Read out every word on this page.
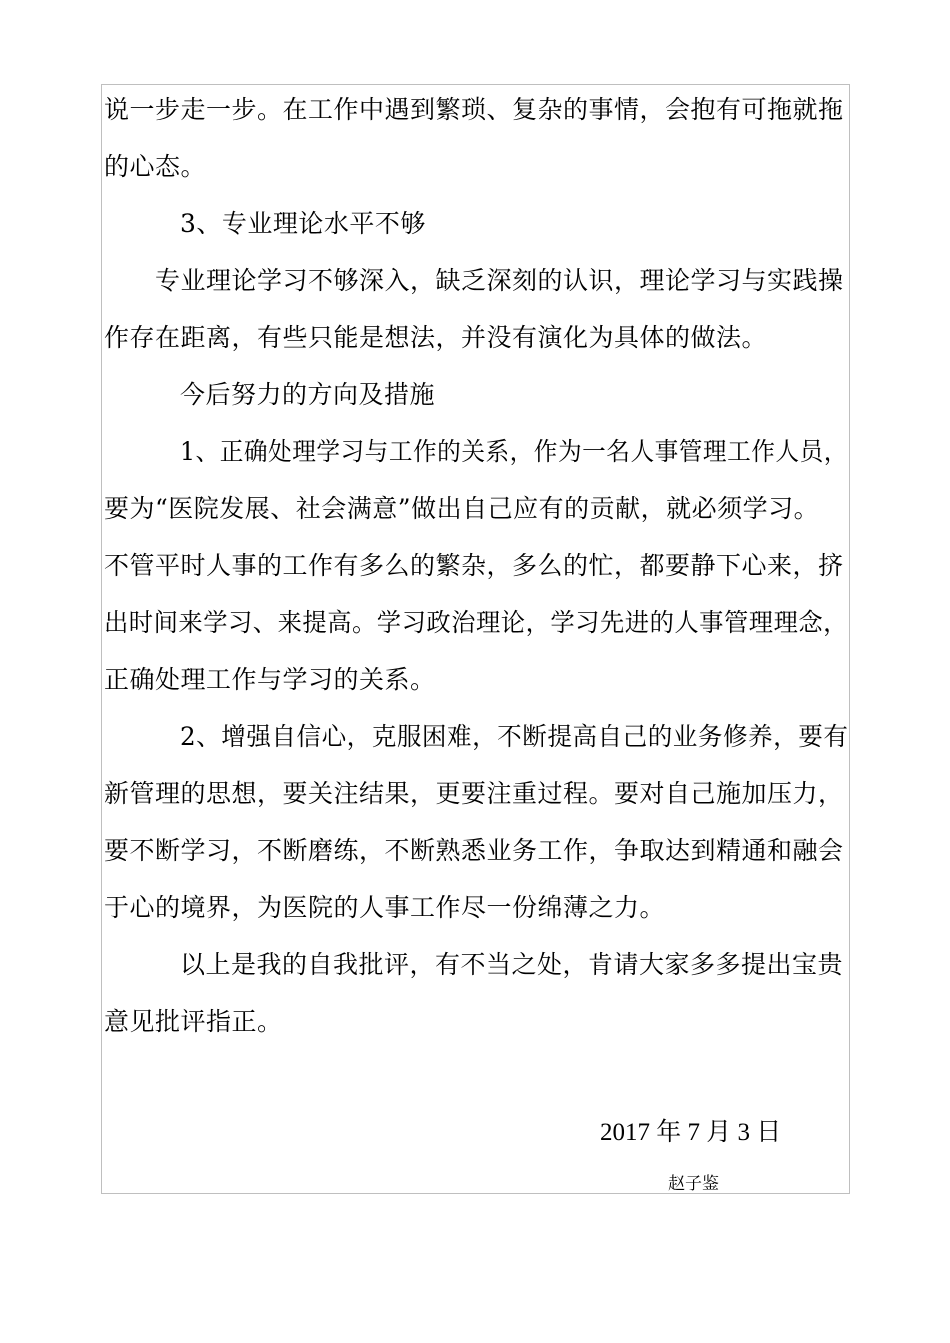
说一步走一步。在工作中遇到繁琐、复杂的事情，会抱有可拖就拖
的心态。
3、专业理论水平不够
专业理论学习不够深入，缺乏深刻的认识，理论学习与实践操
作存在距离，有些只能是想法，并没有演化为具体的做法。
今后努力的方向及措施
1、正确处理学习与工作的关系，作为一名人事管理工作人员，
要为“医院发展、社会满意”做出自己应有的贡献，就必须学习。
不管平时人事的工作有多么的繁杂，多么的忙，都要静下心来，挤
出时间来学习、来提高。学习政治理论，学习先进的人事管理理念，
正确处理工作与学习的关系。
2、增强自信心，克服困难，不断提高自己的业务修养，要有
新管理的思想，要关注结果，更要注重过程。要对自己施加压力，
要不断学习，不断磨练，不断熟悉业务工作，争取达到精通和融会
于心的境界，为医院的人事工作尽一份绵薄之力。
以上是我的自我批评，有不当之处，肯请大家多多提出宝贵
意见批评指正。
2017 年 7 月 3 日
赵子鉴
